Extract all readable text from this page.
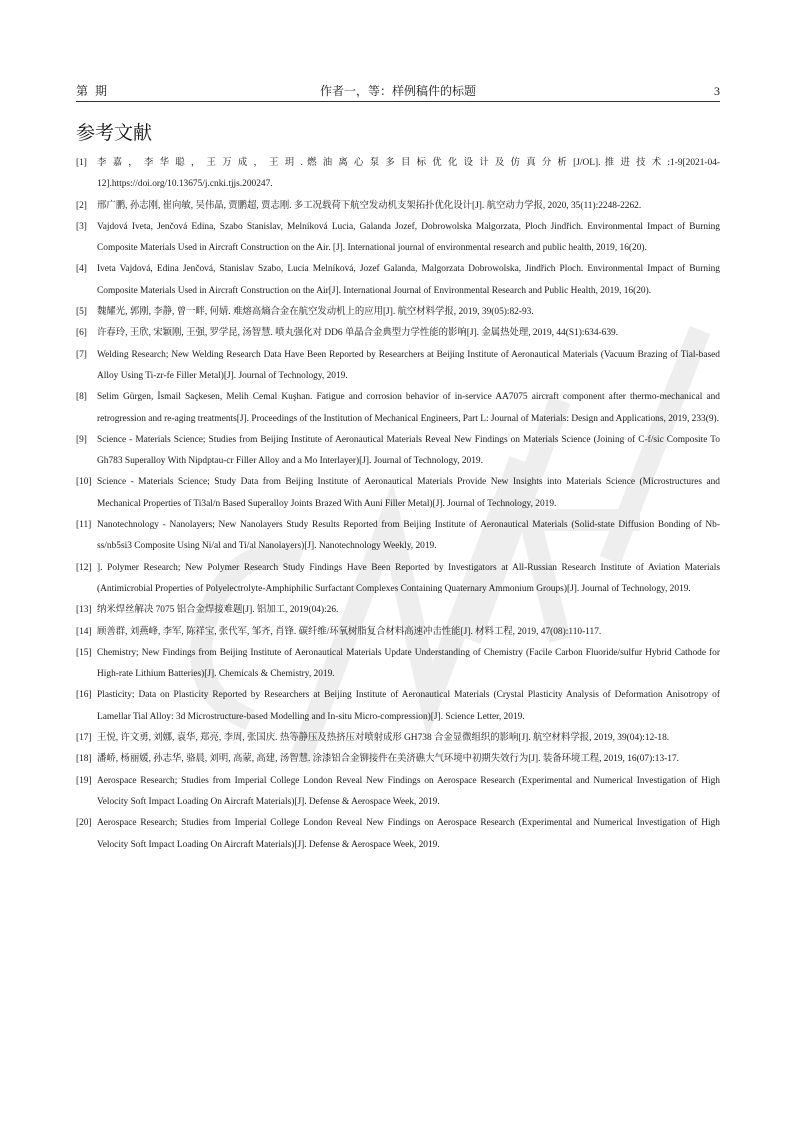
第 期	作者一，等：样例稿件的标题	3
参考文献
[1] 李 嘉 ， 李 华 聪 ， 王 万 成 ， 王 玥 . 燃 油 离 心 泵 多 目 标 优 化 设 计 及 仿 真 分 析 [J/OL]. 推 进 技 术 :1-9[2021-04-12].https://doi.org/10.13675/j.cnki.tjjs.200247.
[2] 邢广鹏, 孙志刚, 崔向敏, 吴伟晶, 贾鹏超, 贾志刚. 多工况载荷下航空发动机支架拓扑优化设计[J]. 航空动力学报, 2020, 35(11):2248-2262.
[3] Vajdová Iveta, Jenčová Edina, Szabo Stanislav, Melníková Lucia, Galanda Jozef, Dobrowolska Malgorzata, Ploch Jindřich. Environmental Impact of Burning Composite Materials Used in Aircraft Construction on the Air. [J]. International journal of environmental research and public health, 2019, 16(20).
[4] Iveta Vajdová, Edina Jenčová, Stanislav Szabo, Lucia Melníková, Jozef Galanda, Malgorzata Dobrowolska, Jindřich Ploch. Environmental Impact of Burning Composite Materials Used in Aircraft Construction on the Air[J]. International Journal of Environmental Research and Public Health, 2019, 16(20).
[5] 魏耀光, 郭刚, 李静, 曾一畔, 何婧. 难熔高熵合金在航空发动机上的应用[J]. 航空材料学报, 2019, 39(05):82-93.
[6] 许春玲, 王欣, 宋颖刚, 王强, 罗学昆, 汤智慧. 喷丸强化对 DD6 单晶合金典型力学性能的影响[J]. 金属热处理, 2019, 44(S1):634-639.
[7] Welding Research; New Welding Research Data Have Been Reported by Researchers at Beijing Institute of Aeronautical Materials (Vacuum Brazing of Tial-based Alloy Using Ti-zr-fe Filler Metal)[J]. Journal of Technology, 2019.
[8] Selim Gürgen, İsmail Saçkesen, Melih Cemal Kuşhan. Fatigue and corrosion behavior of in-service AA7075 aircraft component after thermo-mechanical and retrogression and re-aging treatments[J]. Proceedings of the Institution of Mechanical Engineers, Part L: Journal of Materials: Design and Applications, 2019, 233(9).
[9] Science - Materials Science; Studies from Beijing Institute of Aeronautical Materials Reveal New Findings on Materials Science (Joining of C-f/sic Composite To Gh783 Superalloy With Nipdptau-cr Filler Alloy and a Mo Interlayer)[J]. Journal of Technology, 2019.
[10] Science - Materials Science; Study Data from Beijing Institute of Aeronautical Materials Provide New Insights into Materials Science (Microstructures and Mechanical Properties of Ti3al/n Based Superalloy Joints Brazed With Auni Filler Metal)[J]. Journal of Technology, 2019.
[11] Nanotechnology - Nanolayers; New Nanolayers Study Results Reported from Beijing Institute of Aeronautical Materials (Solid-state Diffusion Bonding of Nb-ss/nb5si3 Composite Using Ni/al and Ti/al Nanolayers)[J]. Nanotechnology Weekly, 2019.
[12] ]. Polymer Research; New Polymer Research Study Findings Have Been Reported by Investigators at All-Russian Research Institute of Aviation Materials (Antimicrobial Properties of Polyelectrolyte-Amphiphilic Surfactant Complexes Containing Quaternary Ammonium Groups)[J]. Journal of Technology, 2019.
[13] 纳米焊丝解决 7075 铝合金焊接难题[J]. 铝加工, 2019(04):26.
[14] 顾善群, 刘燕峰, 李军, 陈祥宝, 张代军, 邹齐, 肖锋. 碳纤维/环氧树脂复合材料高速冲击性能[J]. 材料工程, 2019, 47(08):110-117.
[15] Chemistry; New Findings from Beijing Institute of Aeronautical Materials Update Understanding of Chemistry (Facile Carbon Fluoride/sulfur Hybrid Cathode for High-rate Lithium Batteries)[J]. Chemicals & Chemistry, 2019.
[16] Plasticity; Data on Plasticity Reported by Researchers at Beijing Institute of Aeronautical Materials (Crystal Plasticity Analysis of Deformation Anisotropy of Lamellar Tial Alloy: 3d Microstructure-based Modelling and In-situ Micro-compression)[J]. Science Letter, 2019.
[17] 王悦, 许文勇, 刘娜, 袁华, 郑亮, 李周, 张国庆. 热等静压及热挤压对喷射成形 GH738 合金显微组织的影响[J]. 航空材料学报, 2019, 39(04):12-18.
[18] 潘峤, 杨丽媛, 孙志华, 骆晨, 刘明, 高蒙, 高建, 汤智慧. 涂漆铝合金铆接件在美济礁大气环境中初期失效行为[J]. 装备环境工程, 2019, 16(07):13-17.
[19] Aerospace Research; Studies from Imperial College London Reveal New Findings on Aerospace Research (Experimental and Numerical Investigation of High Velocity Soft Impact Loading On Aircraft Materials)[J]. Defense & Aerospace Week, 2019.
[20] Aerospace Research; Studies from Imperial College London Reveal New Findings on Aerospace Research (Experimental and Numerical Investigation of High Velocity Soft Impact Loading On Aircraft Materials)[J]. Defense & Aerospace Week, 2019.
